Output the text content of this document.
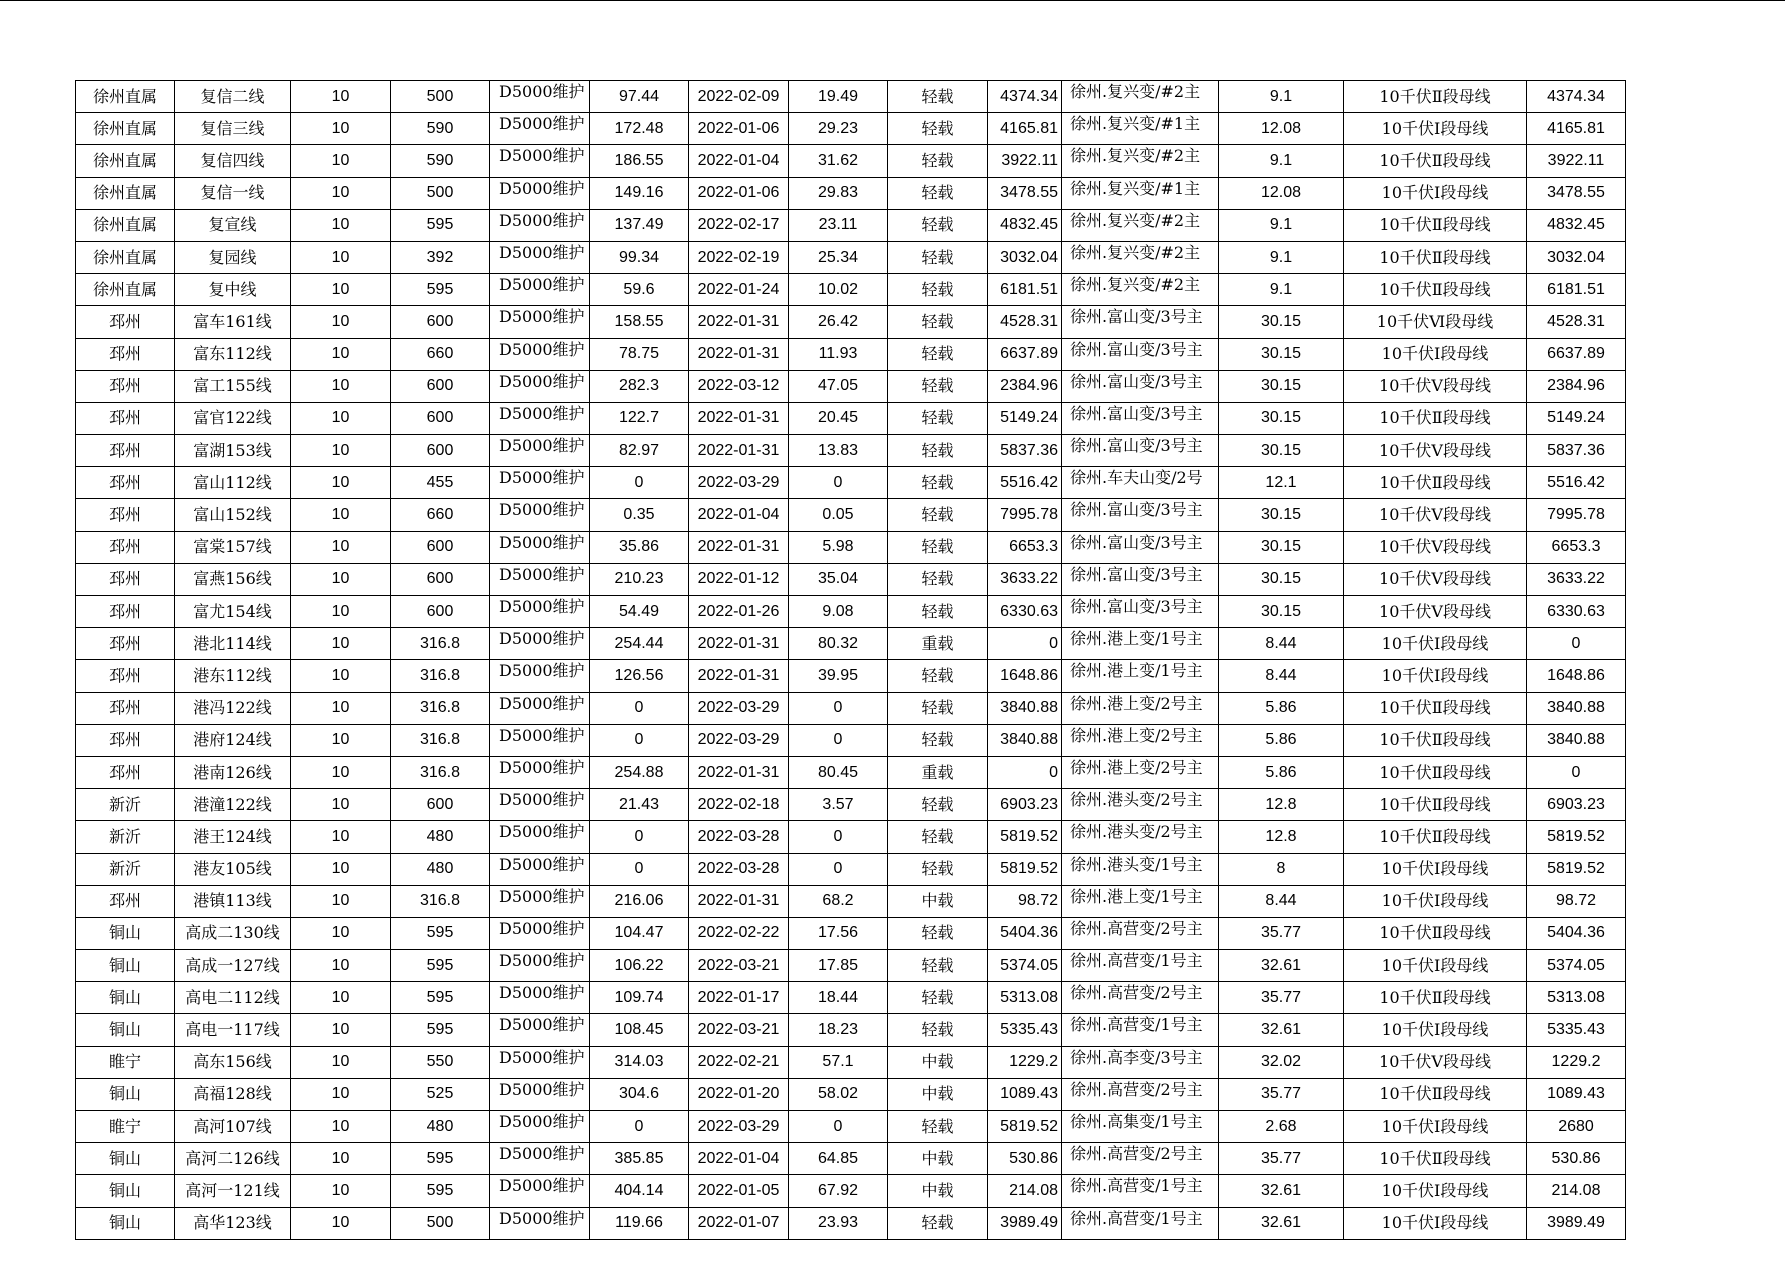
徐州直属	复信二线	10	500	D5000维护	97.44	2022-02-09	19.49	轻载	4374.34	徐州.复兴变/#2主	9.1	10千伏Ⅱ段母线	4374.34
徐州直属	复信三线	10	590	D5000维护	172.48	2022-01-06	29.23	轻载	4165.81	徐州.复兴变/#1主	12.08	10千伏Ⅰ段母线	4165.81
徐州直属	复信四线	10	590	D5000维护	186.55	2022-01-04	31.62	轻载	3922.11	徐州.复兴变/#2主	9.1	10千伏Ⅱ段母线	3922.11
徐州直属	复信一线	10	500	D5000维护	149.16	2022-01-06	29.83	轻载	3478.55	徐州.复兴变/#1主	12.08	10千伏Ⅰ段母线	3478.55
徐州直属	复宣线	10	595	D5000维护	137.49	2022-02-17	23.11	轻载	4832.45	徐州.复兴变/#2主	9.1	10千伏Ⅱ段母线	4832.45
徐州直属	复园线	10	392	D5000维护	99.34	2022-02-19	25.34	轻载	3032.04	徐州.复兴变/#2主	9.1	10千伏Ⅱ段母线	3032.04
徐州直属	复中线	10	595	D5000维护	59.6	2022-01-24	10.02	轻载	6181.51	徐州.复兴变/#2主	9.1	10千伏Ⅱ段母线	6181.51
邳州	富车161线	10	600	D5000维护	158.55	2022-01-31	26.42	轻载	4528.31	徐州.富山变/3号主	30.15	10千伏Ⅵ段母线	4528.31
邳州	富东112线	10	660	D5000维护	78.75	2022-01-31	11.93	轻载	6637.89	徐州.富山变/3号主	30.15	10千伏Ⅰ段母线	6637.89
邳州	富工155线	10	600	D5000维护	282.3	2022-03-12	47.05	轻载	2384.96	徐州.富山变/3号主	30.15	10千伏Ⅴ段母线	2384.96
邳州	富官122线	10	600	D5000维护	122.7	2022-01-31	20.45	轻载	5149.24	徐州.富山变/3号主	30.15	10千伏Ⅱ段母线	5149.24
邳州	富湖153线	10	600	D5000维护	82.97	2022-01-31	13.83	轻载	5837.36	徐州.富山变/3号主	30.15	10千伏Ⅴ段母线	5837.36
邳州	富山112线	10	455	D5000维护	0	2022-03-29	0	轻载	5516.42	徐州.车夫山变/2号	12.1	10千伏Ⅱ段母线	5516.42
邳州	富山152线	10	660	D5000维护	0.35	2022-01-04	0.05	轻载	7995.78	徐州.富山变/3号主	30.15	10千伏Ⅴ段母线	7995.78
邳州	富棠157线	10	600	D5000维护	35.86	2022-01-31	5.98	轻载	6653.3	徐州.富山变/3号主	30.15	10千伏Ⅴ段母线	6653.3
邳州	富燕156线	10	600	D5000维护	210.23	2022-01-12	35.04	轻载	3633.22	徐州.富山变/3号主	30.15	10千伏Ⅴ段母线	3633.22
邳州	富尤154线	10	600	D5000维护	54.49	2022-01-26	9.08	轻载	6330.63	徐州.富山变/3号主	30.15	10千伏Ⅴ段母线	6330.63
邳州	港北114线	10	316.8	D5000维护	254.44	2022-01-31	80.32	重载	0	徐州.港上变/1号主	8.44	10千伏Ⅰ段母线	0
邳州	港东112线	10	316.8	D5000维护	126.56	2022-01-31	39.95	轻载	1648.86	徐州.港上变/1号主	8.44	10千伏Ⅰ段母线	1648.86
邳州	港冯122线	10	316.8	D5000维护	0	2022-03-29	0	轻载	3840.88	徐州.港上变/2号主	5.86	10千伏Ⅱ段母线	3840.88
邳州	港府124线	10	316.8	D5000维护	0	2022-03-29	0	轻载	3840.88	徐州.港上变/2号主	5.86	10千伏Ⅱ段母线	3840.88
邳州	港南126线	10	316.8	D5000维护	254.88	2022-01-31	80.45	重载	0	徐州.港上变/2号主	5.86	10千伏Ⅱ段母线	0
新沂	港潼122线	10	600	D5000维护	21.43	2022-02-18	3.57	轻载	6903.23	徐州.港头变/2号主	12.8	10千伏Ⅱ段母线	6903.23
新沂	港王124线	10	480	D5000维护	0	2022-03-28	0	轻载	5819.52	徐州.港头变/2号主	12.8	10千伏Ⅱ段母线	5819.52
新沂	港友105线	10	480	D5000维护	0	2022-03-28	0	轻载	5819.52	徐州.港头变/1号主	8	10千伏Ⅰ段母线	5819.52
邳州	港镇113线	10	316.8	D5000维护	216.06	2022-01-31	68.2	中载	98.72	徐州.港上变/1号主	8.44	10千伏Ⅰ段母线	98.72
铜山	高成二130线	10	595	D5000维护	104.47	2022-02-22	17.56	轻载	5404.36	徐州.高营变/2号主	35.77	10千伏Ⅱ段母线	5404.36
铜山	高成一127线	10	595	D5000维护	106.22	2022-03-21	17.85	轻载	5374.05	徐州.高营变/1号主	32.61	10千伏Ⅰ段母线	5374.05
铜山	高电二112线	10	595	D5000维护	109.74	2022-01-17	18.44	轻载	5313.08	徐州.高营变/2号主	35.77	10千伏Ⅱ段母线	5313.08
铜山	高电一117线	10	595	D5000维护	108.45	2022-03-21	18.23	轻载	5335.43	徐州.高营变/1号主	32.61	10千伏Ⅰ段母线	5335.43
睢宁	高东156线	10	550	D5000维护	314.03	2022-02-21	57.1	中载	1229.2	徐州.高李变/3号主	32.02	10千伏Ⅴ段母线	1229.2
铜山	高福128线	10	525	D5000维护	304.6	2022-01-20	58.02	中载	1089.43	徐州.高营变/2号主	35.77	10千伏Ⅱ段母线	1089.43
睢宁	高河107线	10	480	D5000维护	0	2022-03-29	0	轻载	5819.52	徐州.高集变/1号主	2.68	10千伏Ⅰ段母线	2680
铜山	高河二126线	10	595	D5000维护	385.85	2022-01-04	64.85	中载	530.86	徐州.高营变/2号主	35.77	10千伏Ⅱ段母线	530.86
铜山	高河一121线	10	595	D5000维护	404.14	2022-01-05	67.92	中载	214.08	徐州.高营变/1号主	32.61	10千伏Ⅰ段母线	214.08
铜山	高华123线	10	500	D5000维护	119.66	2022-01-07	23.93	轻载	3989.49	徐州.高营变/1号主	32.61	10千伏Ⅰ段母线	3989.49
